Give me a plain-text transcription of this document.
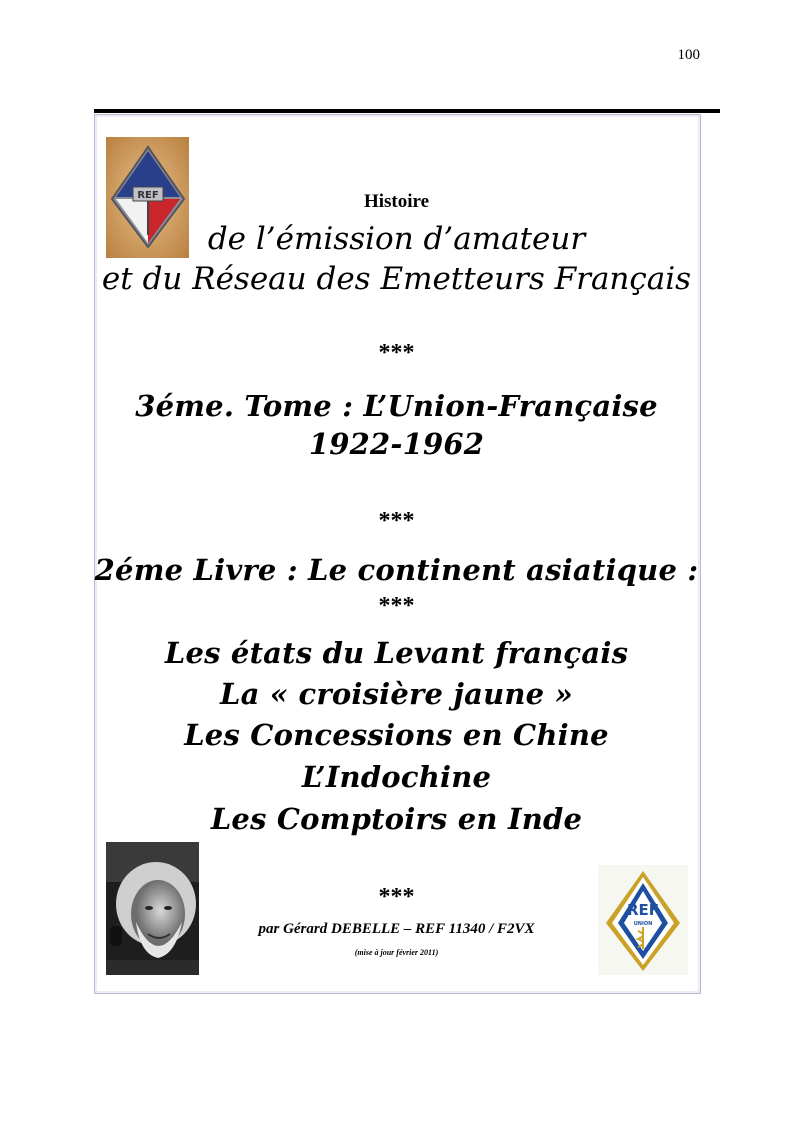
100
REF	Histoire
de l’émission d’amateur
et du Réseau des Emetteurs Français
***
3éme. Tome : L’Union-Française
1922-1962
***
2éme Livre : Le continent asiatique :
***
Les états du Levant français
La « croisière jaune »
Les Concessions en Chine
L’Indochine
Les Comptoirs en Inde
***
par Gérard DEBELLE – REF 11340 / F2VX
(mise à jour février 2011)
REF
UNION
